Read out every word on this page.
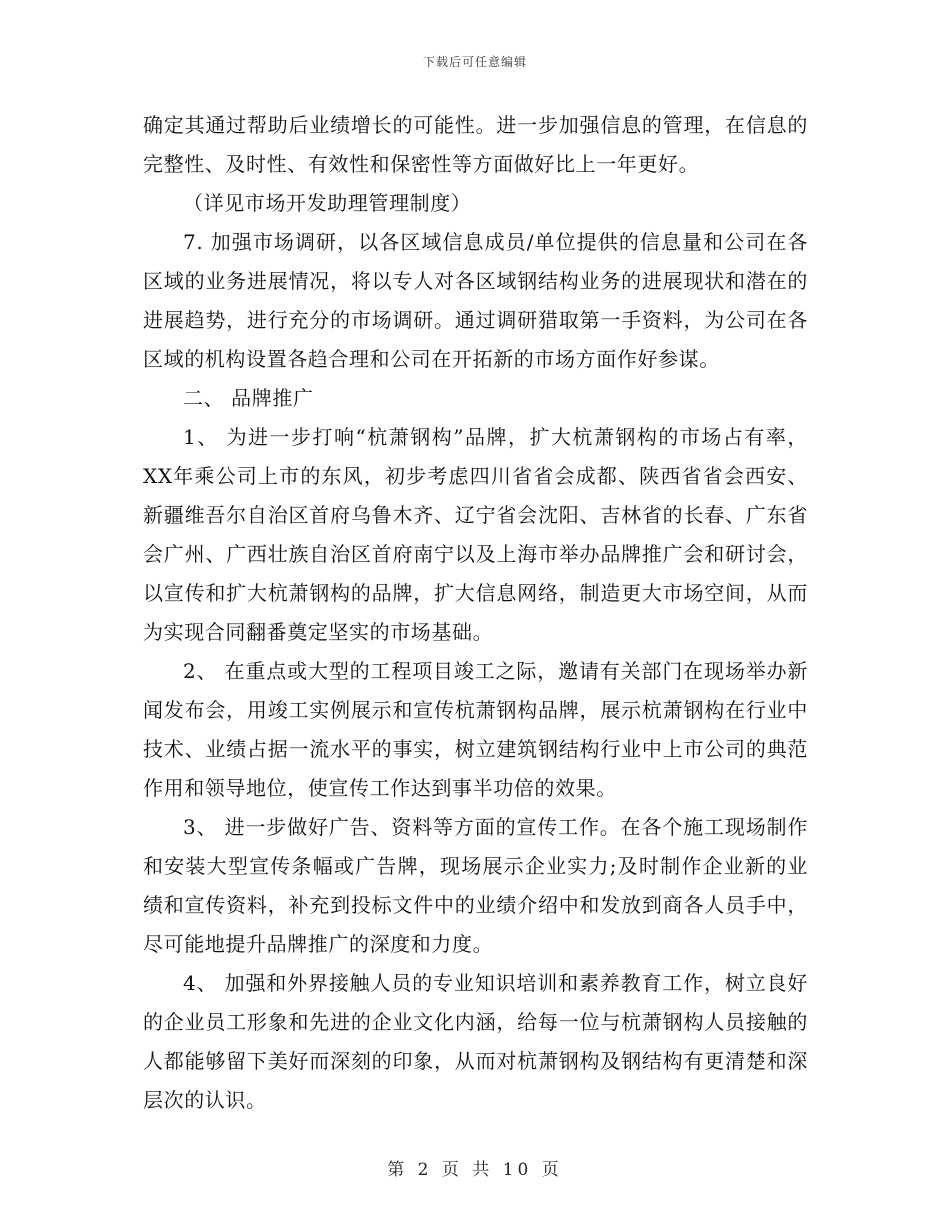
下载后可任意编辑

确定其通过帮助后业绩增长的可能性。进一步加强信息的管理，在信息的完整性、及时性、有效性和保密性等方面做好比上一年更好。

（详见市场开发助理管理制度）

7. 加强市场调研，以各区域信息成员/单位提供的信息量和公司在各区域的业务进展情况，将以专人对各区域钢结构业务的进展现状和潜在的进展趋势，进行充分的市场调研。通过调研猎取第一手资料，为公司在各区域的机构设置各趋合理和公司在开拓新的市场方面作好参谋。

二、 品牌推广

1、 为进一步打响“杭萧钢构”品牌，扩大杭萧钢构的市场占有率，XX年乘公司上市的东风，初步考虑四川省省会成都、陕西省省会西安、新疆维吾尔自治区首府乌鲁木齐、辽宁省会沈阳、吉林省的长春、广东省会广州、广西壮族自治区首府南宁以及上海市举办品牌推广会和研讨会，以宣传和扩大杭萧钢构的品牌，扩大信息网络，制造更大市场空间，从而为实现合同翻番奠定坚实的市场基础。

2、 在重点或大型的工程项目竣工之际，邀请有关部门在现场举办新闻发布会，用竣工实例展示和宣传杭萧钢构品牌，展示杭萧钢构在行业中技术、业绩占据一流水平的事实，树立建筑钢结构行业中上市公司的典范作用和领导地位，使宣传工作达到事半功倍的效果。

3、 进一步做好广告、资料等方面的宣传工作。在各个施工现场制作和安装大型宣传条幅或广告牌，现场展示企业实力;及时制作企业新的业绩和宣传资料，补充到投标文件中的业绩介绍中和发放到商各人员手中，尽可能地提升品牌推广的深度和力度。

4、 加强和外界接触人员的专业知识培训和素养教育工作，树立良好的企业员工形象和先进的企业文化内涵，给每一位与杭萧钢构人员接触的人都能够留下美好而深刻的印象，从而对杭萧钢构及钢结构有更清楚和深层次的认识。

第 2 页 共 10 页
